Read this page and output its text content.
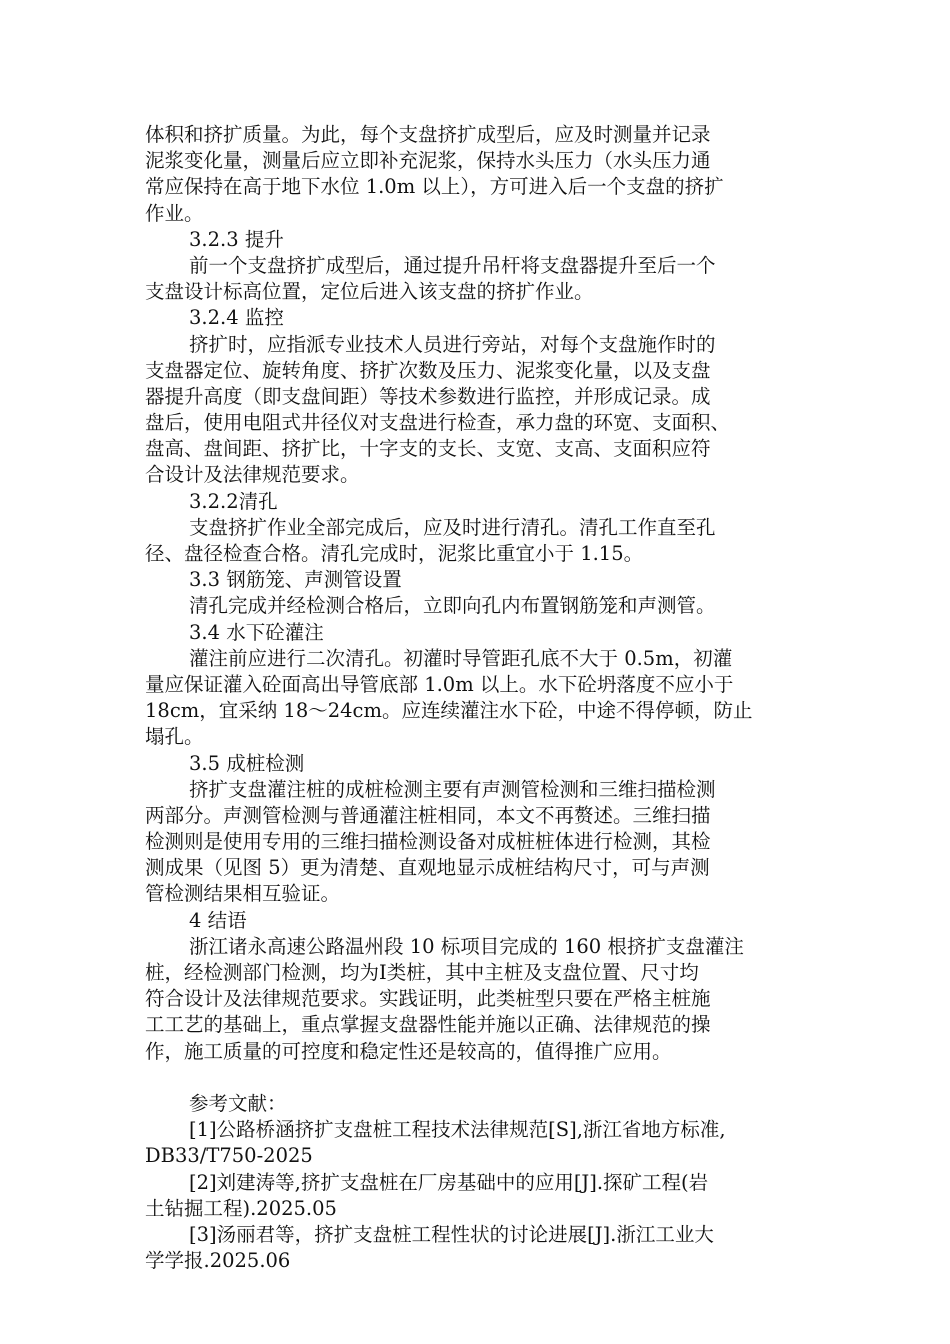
体积和挤扩质量。为此，每个支盘挤扩成型后，应及时测量并记录
泥浆变化量，测量后应立即补充泥浆，保持水头压力（水头压力通
常应保持在高于地下水位 1.0m 以上），方可进入后一个支盘的挤扩
作业。
3.2.3 提升
前一个支盘挤扩成型后，通过提升吊杆将支盘器提升至后一个
支盘设计标高位置，定位后进入该支盘的挤扩作业。
3.2.4 监控
挤扩时，应指派专业技术人员进行旁站，对每个支盘施作时的
支盘器定位、旋转角度、挤扩次数及压力、泥浆变化量，以及支盘
器提升高度（即支盘间距）等技术参数进行监控，并形成记录。成
盘后，使用电阻式井径仪对支盘进行检查，承力盘的环宽、支面积、
盘高、盘间距、挤扩比，十字支的支长、支宽、支高、支面积应符
合设计及法律规范要求。
3.2.2清孔
支盘挤扩作业全部完成后，应及时进行清孔。清孔工作直至孔
径、盘径检查合格。清孔完成时，泥浆比重宜小于 1.15。
3.3 钢筋笼、声测管设置
清孔完成并经检测合格后，立即向孔内布置钢筋笼和声测管。
3.4 水下砼灌注
灌注前应进行二次清孔。初灌时导管距孔底不大于 0.5m，初灌
量应保证灌入砼面高出导管底部 1.0m 以上。水下砼坍落度不应小于
18cm，宜采纳 18～24cm。应连续灌注水下砼，中途不得停顿，防止
塌孔。
3.5 成桩检测
挤扩支盘灌注桩的成桩检测主要有声测管检测和三维扫描检测
两部分。声测管检测与普通灌注桩相同，本文不再赘述。三维扫描
检测则是使用专用的三维扫描检测设备对成桩桩体进行检测，其检
测成果（见图 5）更为清楚、直观地显示成桩结构尺寸，可与声测
管检测结果相互验证。
4 结语
浙江诸永高速公路温州段 10 标项目完成的 160 根挤扩支盘灌注
桩，经检测部门检测，均为Ⅰ类桩，其中主桩及支盘位置、尺寸均
符合设计及法律规范要求。实践证明，此类桩型只要在严格主桩施
工工艺的基础上，重点掌握支盘器性能并施以正确、法律规范的操
作，施工质量的可控度和稳定性还是较高的，值得推广应用。
参考文献：
[1]公路桥涵挤扩支盘桩工程技术法律规范[S],浙江省地方标准,
DB33/T750-2025
[2]刘建涛等,挤扩支盘桩在厂房基础中的应用[J].探矿工程(岩
土钻掘工程).2025.05
[3]汤丽君等，挤扩支盘桩工程性状的讨论进展[J].浙江工业大
学学报.2025.06
